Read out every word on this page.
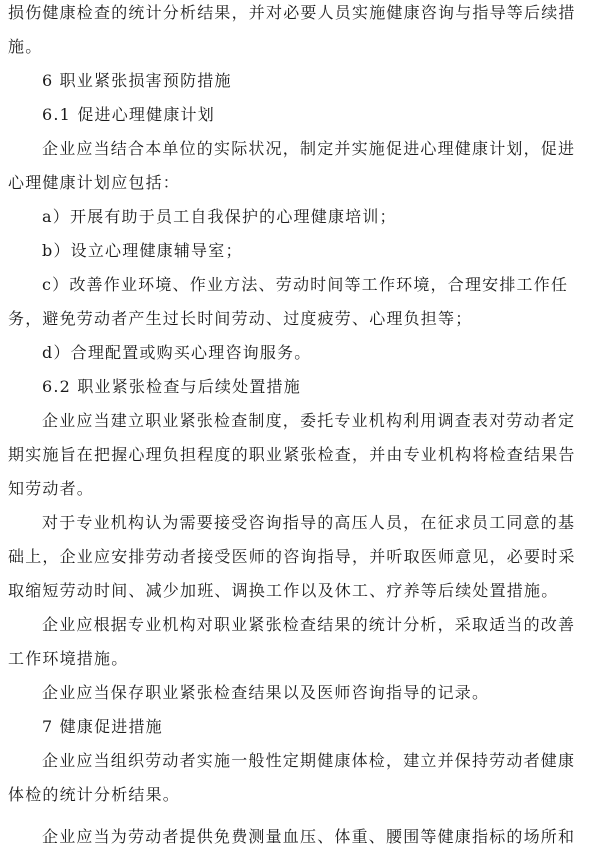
损伤健康检查的统计分析结果，并对必要人员实施健康咨询与指导等后续措
施。
6 职业紧张损害预防措施
6.1 促进心理健康计划
企业应当结合本单位的实际状况，制定并实施促进心理健康计划，促进
心理健康计划应包括：
a）开展有助于员工自我保护的心理健康培训；
b）设立心理健康辅导室；
c）改善作业环境、作业方法、劳动时间等工作环境，合理安排工作任
务，避免劳动者产生过长时间劳动、过度疲劳、心理负担等；
d）合理配置或购买心理咨询服务。
6.2 职业紧张检查与后续处置措施
企业应当建立职业紧张检查制度，委托专业机构利用调查表对劳动者定
期实施旨在把握心理负担程度的职业紧张检查，并由专业机构将检查结果告
知劳动者。
对于专业机构认为需要接受咨询指导的高压人员，在征求员工同意的基
础上，企业应安排劳动者接受医师的咨询指导，并听取医师意见，必要时采
取缩短劳动时间、减少加班、调换工作以及休工、疗养等后续处置措施。
企业应根据专业机构对职业紧张检查结果的统计分析，采取适当的改善
工作环境措施。
企业应当保存职业紧张检查结果以及医师咨询指导的记录。
7 健康促进措施
企业应当组织劳动者实施一般性定期健康体检，建立并保持劳动者健康
体检的统计分析结果。
企业应当为劳动者提供免费测量血压、体重、腰围等健康指标的场所和
